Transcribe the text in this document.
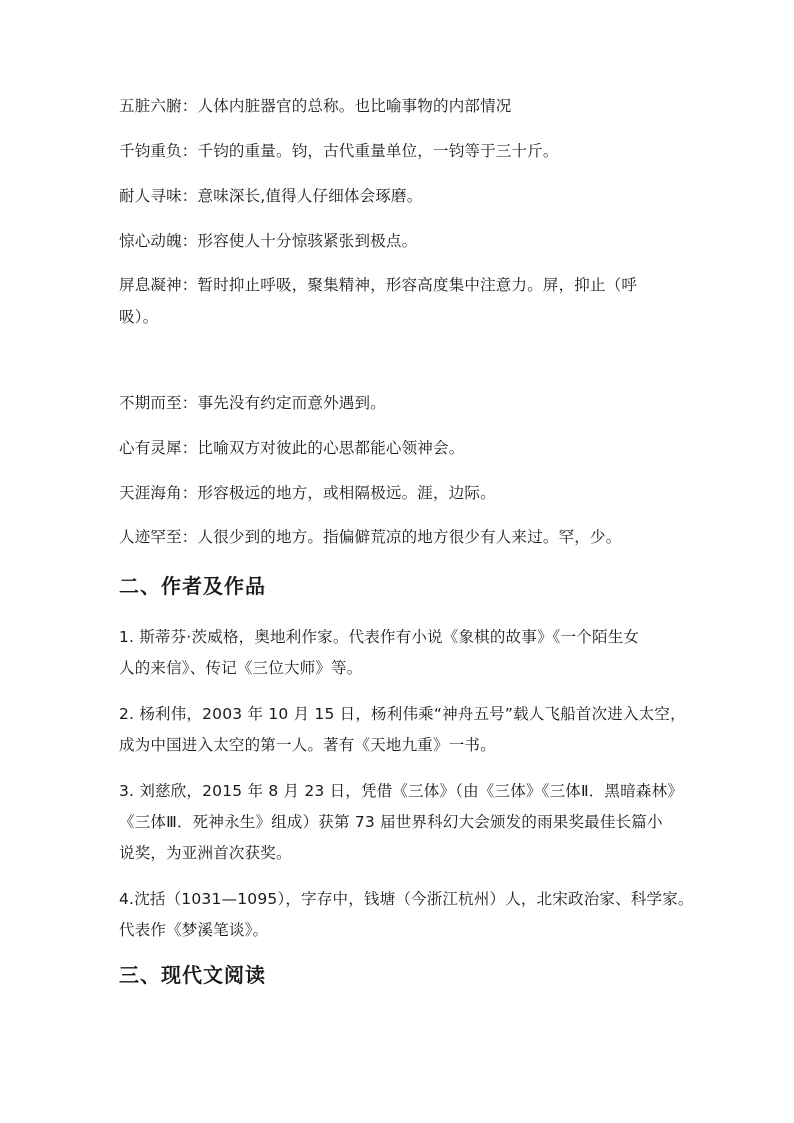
五脏六腑：人体内脏器官的总称。也比喻事物的内部情况
千钧重负：千钧的重量。钧，古代重量单位，一钧等于三十斤。
耐人寻味：意味深长,值得人仔细体会琢磨。
惊心动魄：形容使人十分惊骇紧张到极点。
屏息凝神：暂时抑止呼吸，聚集精神，形容高度集中注意力。屏，抑止（呼
吸）。
不期而至：事先没有约定而意外遇到。
心有灵犀：比喻双方对彼此的心思都能心领神会。
天涯海角：形容极远的地方，或相隔极远。涯，边际。
人迹罕至：人很少到的地方。指偏僻荒凉的地方很少有人来过。罕，少。
二、作者及作品
1. 斯蒂芬·茨威格，奥地利作家。代表作有小说《象棋的故事》《一个陌生女
人的来信》、传记《三位大师》等。
2. 杨利伟，2003 年 10 月 15 日，杨利伟乘“神舟五号”载人飞船首次进入太空，
成为中国进入太空的第一人。著有《天地九重》一书。
3. 刘慈欣，2015 年 8 月 23 日，凭借《三体》（由《三体》《三体Ⅱ．黑暗森林》
《三体Ⅲ．死神永生》组成）获第 73 届世界科幻大会颁发的雨果奖最佳长篇小
说奖，为亚洲首次获奖。
4.沈括（1031—1095），字存中，钱塘（今浙江杭州）人，北宋政治家、科学家。
代表作《梦溪笔谈》。
三、现代文阅读
